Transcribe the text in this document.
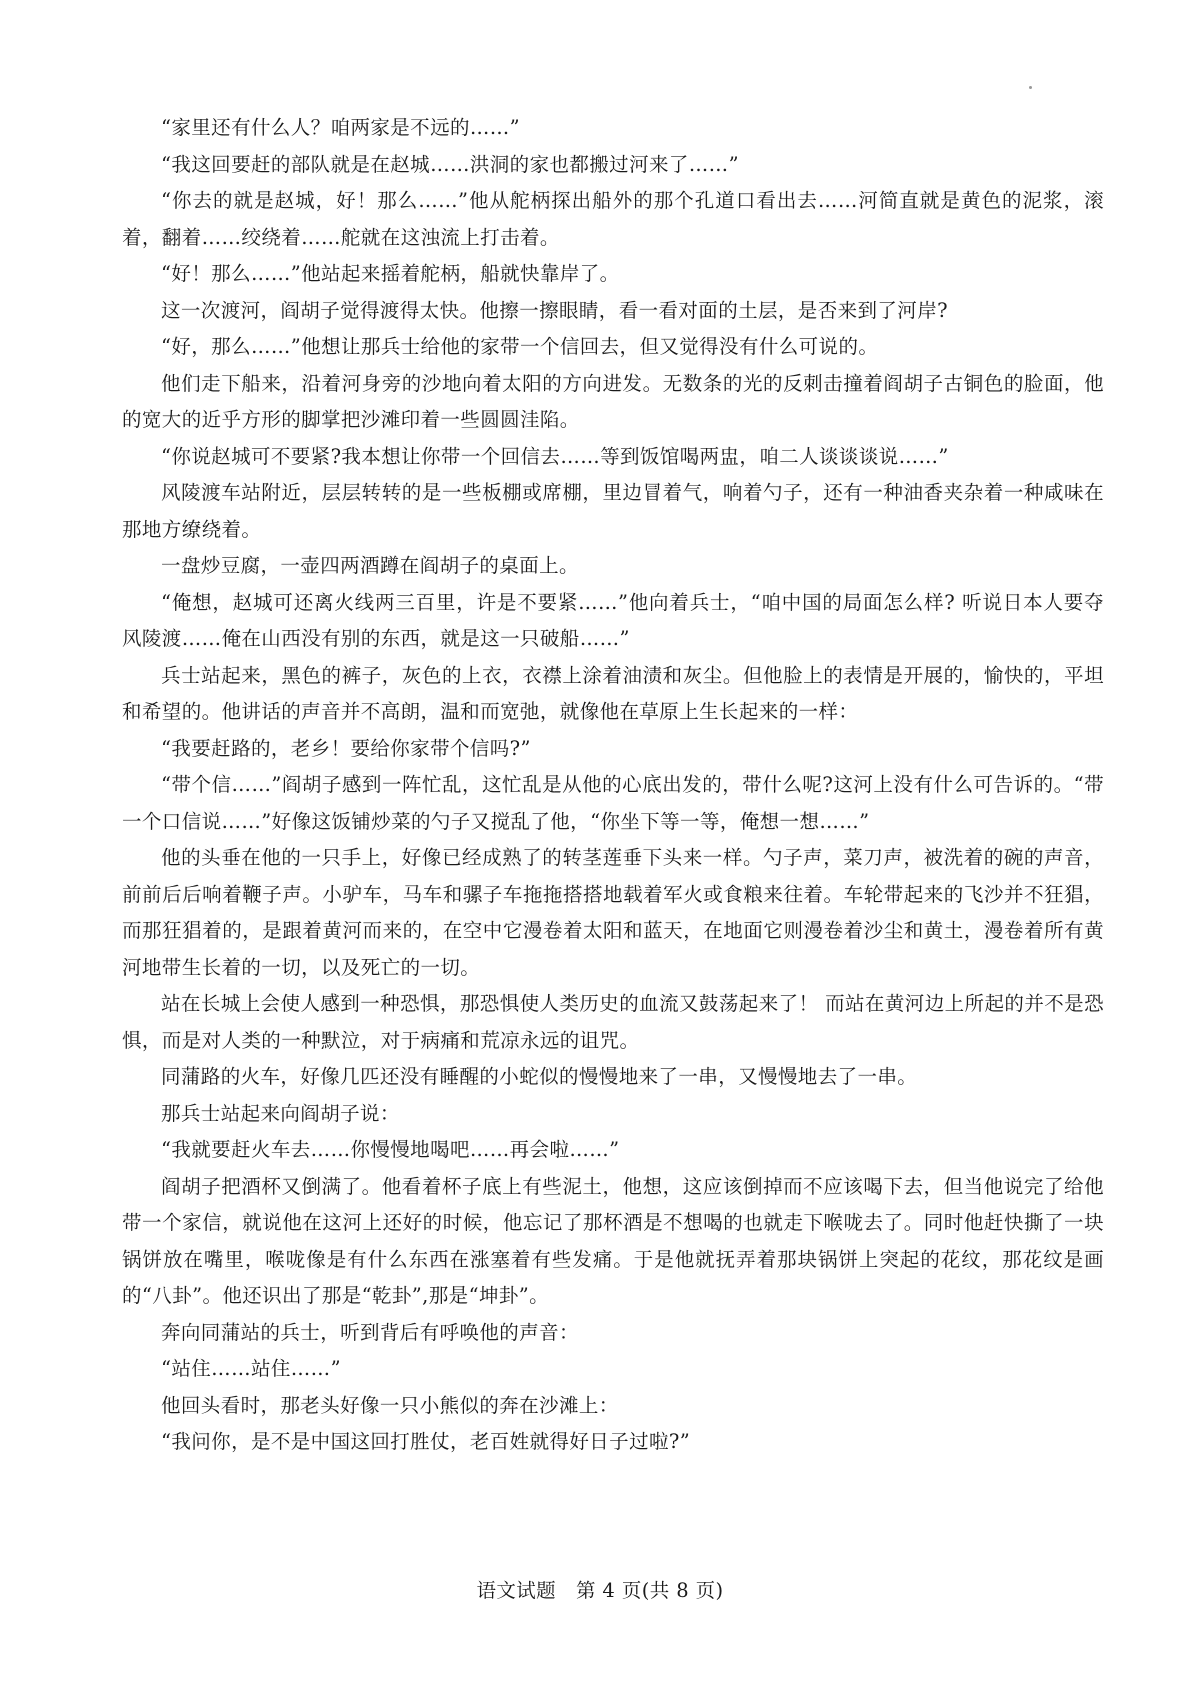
“家里还有什么人？咱两家是不远的……”

“我这回要赶的部队就是在赵城……洪洞的家也都搬过河来了……”

“你去的就是赵城，好！那么……”他从舵柄探出船外的那个孔道口看出去……河简直就是黄色的泥浆，滚着，翻着……绞绕着……舵就在这浊流上打击着。

“好！那么……”他站起来摇着舵柄，船就快靠岸了。

这一次渡河，阎胡子觉得渡得太快。他擦一擦眼睛，看一看对面的土层，是否来到了河岸?

“好，那么……”他想让那兵士给他的家带一个信回去，但又觉得没有什么可说的。

他们走下船来，沿着河身旁的沙地向着太阳的方向进发。无数条的光的反刺击撞着阎胡子古铜色的脸面，他的宽大的近乎方形的脚掌把沙滩印着一些圆圆洼陷。

“你说赵城可不要紧?我本想让你带一个回信去……等到饭馆喝两盅，咱二人谈谈谈说……”

风陵渡车站附近，层层转转的是一些板棚或席棚，里边冒着气，响着勺子，还有一种油香夹杂着一种咸味在那地方缭绕着。

一盘炒豆腐，一壶四两酒蹲在阎胡子的桌面上。

“俺想，赵城可还离火线两三百里，许是不要紧……”他向着兵士，“咱中国的局面怎么样? 听说日本人要夺风陵渡……俺在山西没有别的东西，就是这一只破船……”

兵士站起来，黑色的裤子，灰色的上衣，衣襟上涂着油渍和灰尘。但他脸上的表情是开展的，愉快的，平坦和希望的。他讲话的声音并不高朗，温和而宽弛，就像他在草原上生长起来的一样：

“我要赶路的，老乡！要给你家带个信吗?”

“带个信……”阎胡子感到一阵忙乱，这忙乱是从他的心底出发的，带什么呢?这河上没有什么可告诉的。“带一个口信说……”好像这饭铺炒菜的勺子又搅乱了他，“你坐下等一等，俺想一想……”

他的头垂在他的一只手上，好像已经成熟了的转茎莲垂下头来一样。勺子声，菜刀声，被洗着的碗的声音，前前后后响着鞭子声。小驴车，马车和骡子车拖拖搭搭地载着军火或食粮来往着。车轮带起来的飞沙并不狂猖，而那狂猖着的，是跟着黄河而来的，在空中它漫卷着太阳和蓝天，在地面它则漫卷着沙尘和黄土，漫卷着所有黄河地带生长着的一切，以及死亡的一切。

站在长城上会使人感到一种恐惧，那恐惧使人类历史的血流又鼓荡起来了！ 而站在黄河边上所起的并不是恐惧，而是对人类的一种默泣，对于病痛和荒凉永远的诅咒。

同蒲路的火车，好像几匹还没有睡醒的小蛇似的慢慢地来了一串，又慢慢地去了一串。

那兵士站起来向阎胡子说：

“我就要赶火车去……你慢慢地喝吧……再会啦……”

阎胡子把酒杯又倒满了。他看着杯子底上有些泥土，他想，这应该倒掉而不应该喝下去，但当他说完了给他带一个家信，就说他在这河上还好的时候，他忘记了那杯酒是不想喝的也就走下喉咙去了。同时他赶快撕了一块锅饼放在嘴里，喉咙像是有什么东西在涨塞着有些发痛。于是他就抚弄着那块锅饼上突起的花纹，那花纹是画的“八卦”。他还识出了那是“乾卦”,那是“坤卦”。

奔向同蒲站的兵士，听到背后有呼唤他的声音：

“站住……站住……”

他回头看时，那老头好像一只小熊似的奔在沙滩上：

“我问你，是不是中国这回打胜仗，老百姓就得好日子过啦?”

语文试题　第 4 页(共 8 页)
